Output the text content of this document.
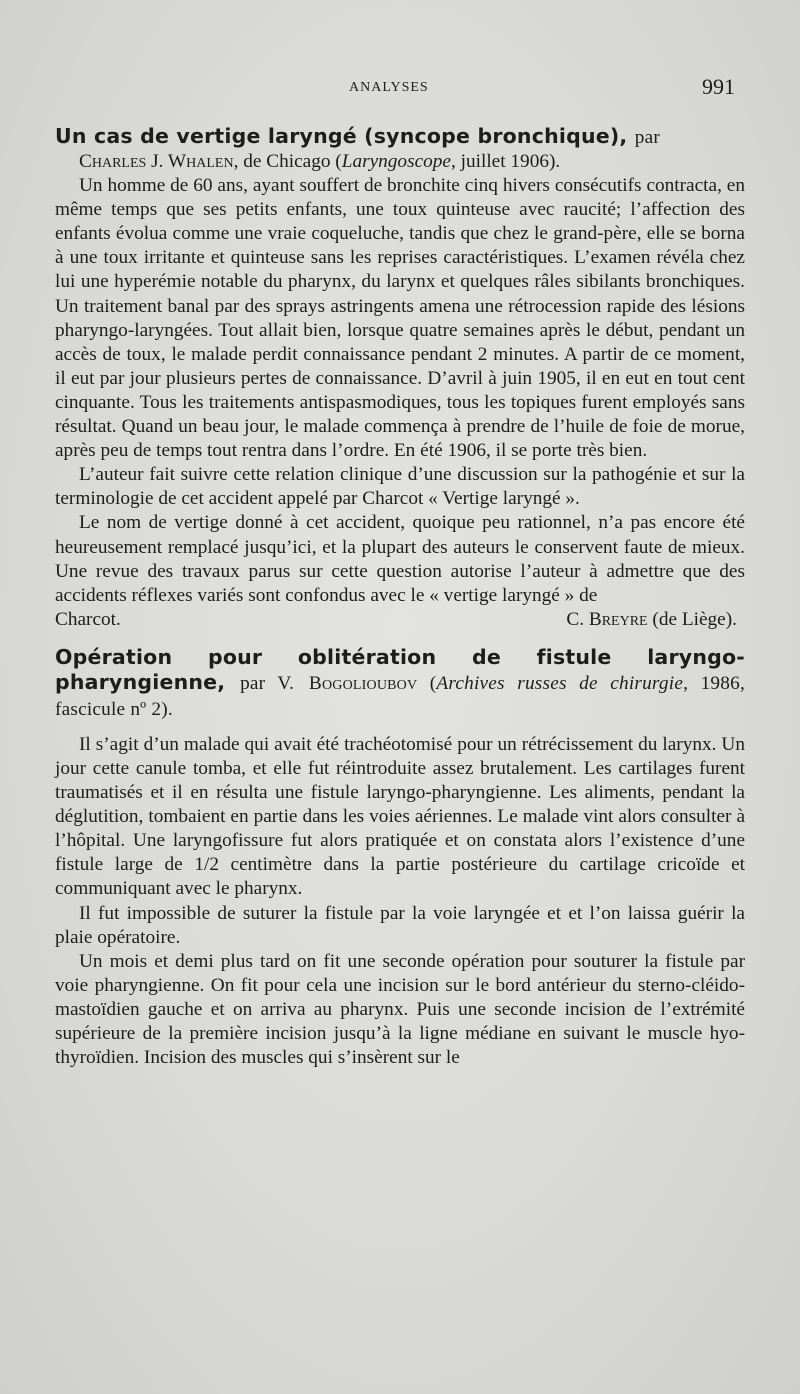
ANALYSES	991
Un cas de vertige laryngé (syncope bronchique), par

Charles J. Whalen, de Chicago (Laryngoscope, juillet 1906).

Un homme de 60 ans, ayant souffert de bronchite cinq hivers consécutifs contracta, en même temps que ses petits enfants, une toux quinteuse avec raucité; l’affection des enfants évolua comme une vraie coqueluche, tandis que chez le grand-père, elle se borna à une toux irritante et quinteuse sans les reprises caractéristiques. L’examen révéla chez lui une hyperémie notable du pharynx, du larynx et quelques râles sibilants bronchiques. Un traitement banal par des sprays astringents amena une rétrocession rapide des lésions pharyngo-laryngées. Tout allait bien, lorsque quatre semaines après le début, pendant un accès de toux, le malade perdit connaissance pendant 2 minutes. A partir de ce moment, il eut par jour plusieurs pertes de connaissance. D’avril à juin 1905, il en eut en tout cent cinquante. Tous les traitements antispasmodiques, tous les topiques furent employés sans résultat. Quand un beau jour, le malade commença à prendre de l’huile de foie de morue, après peu de temps tout rentra dans l’ordre. En été 1906, il se porte très bien.

L’auteur fait suivre cette relation clinique d’une discussion sur la pathogénie et sur la terminologie de cet accident appelé par Charcot « Vertige laryngé ».

Le nom de vertige donné à cet accident, quoique peu rationnel, n’a pas encore été heureusement remplacé jusqu’ici, et la plupart des auteurs le conservent faute de mieux. Une revue des travaux parus sur cette question autorise l’auteur à admettre que des accidents réflexes variés sont confondus avec le « vertige laryngé » de

Charcot.	C. Breyre (de Liège).

Opération pour oblitération de fistule laryngo-pharyngienne, par V. Bogolioubov (Archives russes de chirurgie, 1986, fascicule nº 2).

Il s’agit d’un malade qui avait été trachéotomisé pour un rétrécissement du larynx. Un jour cette canule tomba, et elle fut réintroduite assez brutalement. Les cartilages furent traumatisés et il en résulta une fistule laryngo-pharyngienne. Les aliments, pendant la déglutition, tombaient en partie dans les voies aériennes. Le malade vint alors consulter à l’hôpital. Une laryngofissure fut alors pratiquée et on constata alors l’existence d’une fistule large de 1/2 centimètre dans la partie postérieure du cartilage cricoïde et communiquant avec le pharynx.

Il fut impossible de suturer la fistule par la voie laryngée et et l’on laissa guérir la plaie opératoire.

Un mois et demi plus tard on fit une seconde opération pour souturer la fistule par voie pharyngienne. On fit pour cela une incision sur le bord antérieur du sterno-cléido-mastoïdien gauche et on arriva au pharynx. Puis une seconde incision de l’extrémité supérieure de la première incision jusqu’à la ligne médiane en suivant le muscle hyo-thyroïdien. Incision des muscles qui s’insèrent sur le
